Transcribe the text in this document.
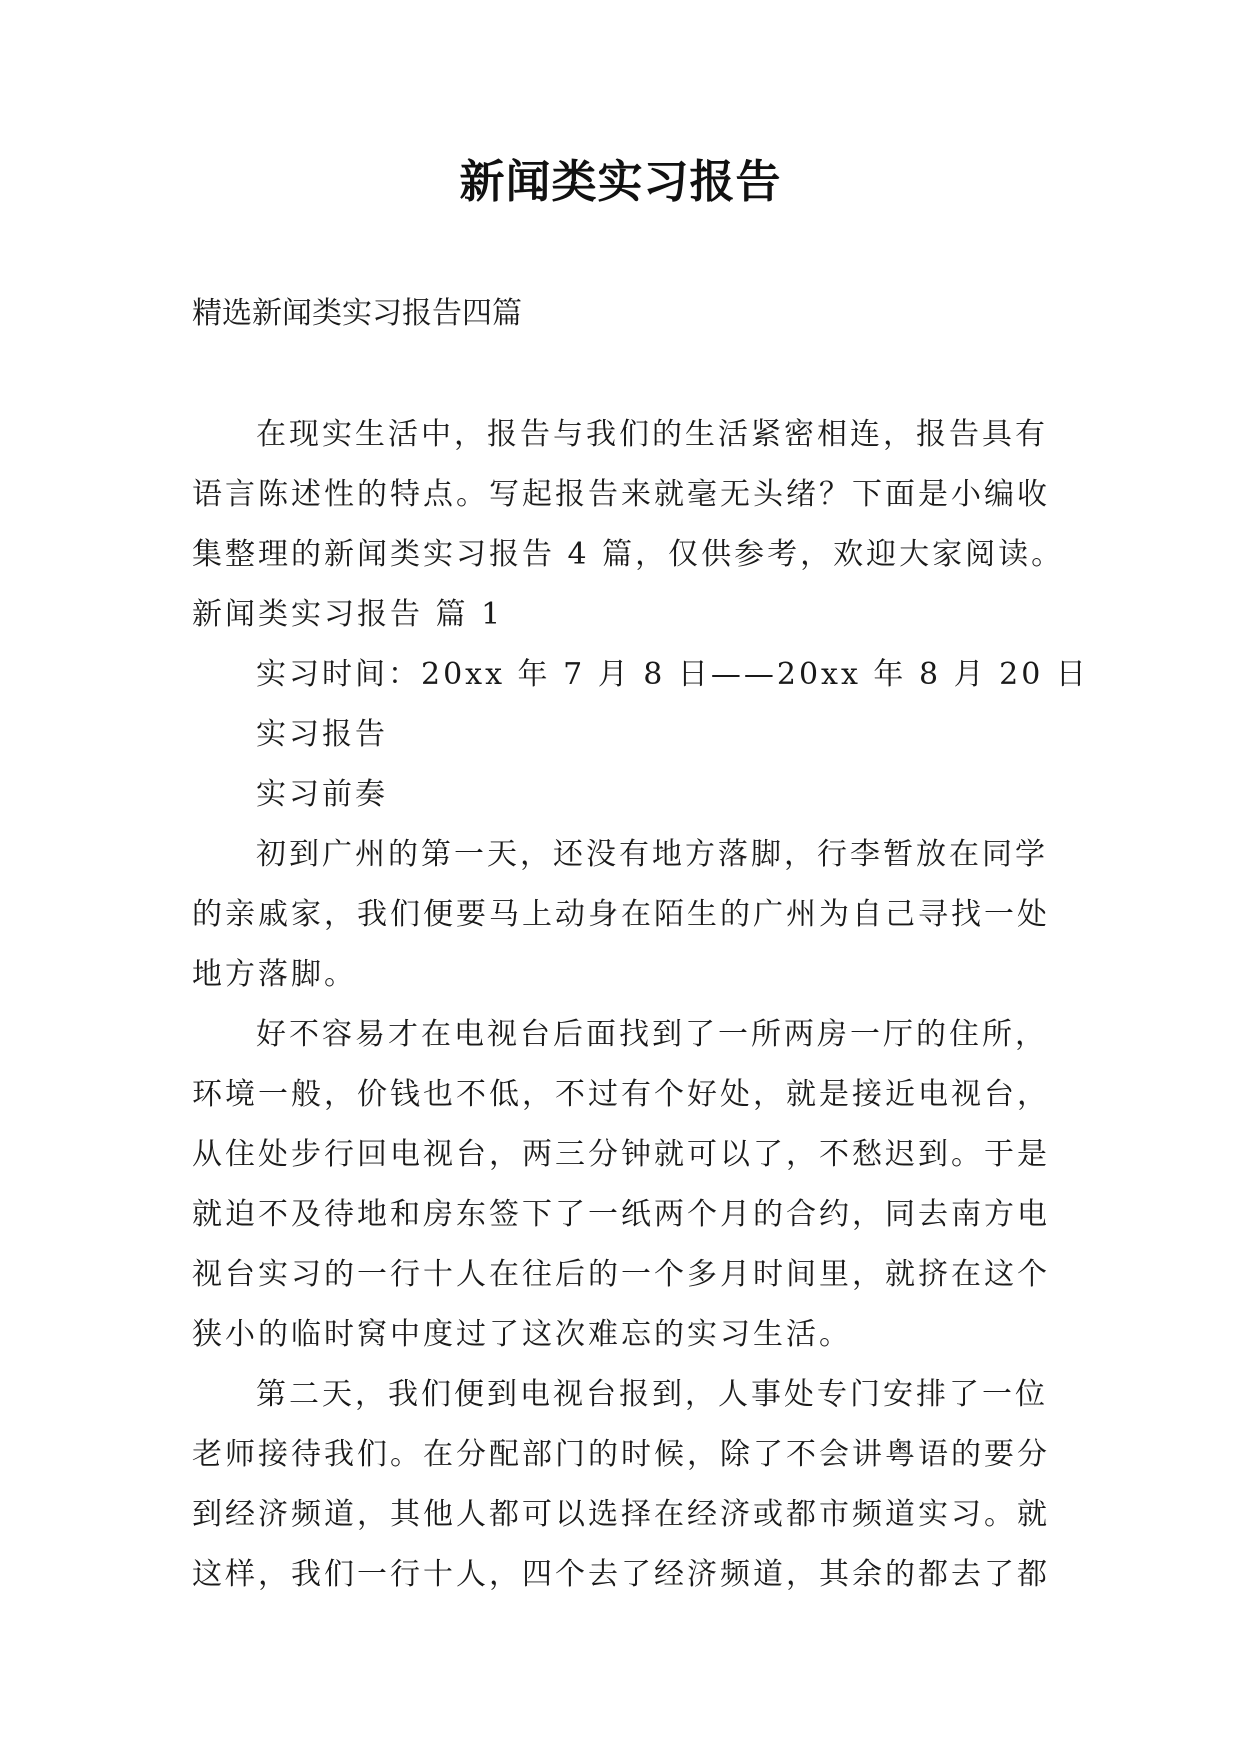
新闻类实习报告
精选新闻类实习报告四篇
在现实生活中，报告与我们的生活紧密相连，报告具有
语言陈述性的特点。写起报告来就毫无头绪？下面是小编收
集整理的新闻类实习报告 4 篇，仅供参考，欢迎大家阅读。
新闻类实习报告 篇 1
实习时间：20xx 年 7 月 8 日——20xx 年 8 月 20 日
实习报告
实习前奏
初到广州的第一天，还没有地方落脚，行李暂放在同学
的亲戚家，我们便要马上动身在陌生的广州为自己寻找一处
地方落脚。
好不容易才在电视台后面找到了一所两房一厅的住所，
环境一般，价钱也不低，不过有个好处，就是接近电视台，
从住处步行回电视台，两三分钟就可以了，不愁迟到。于是
就迫不及待地和房东签下了一纸两个月的合约，同去南方电
视台实习的一行十人在往后的一个多月时间里，就挤在这个
狭小的临时窝中度过了这次难忘的实习生活。
第二天，我们便到电视台报到，人事处专门安排了一位
老师接待我们。在分配部门的时候，除了不会讲粤语的要分
到经济频道，其他人都可以选择在经济或都市频道实习。就
这样，我们一行十人，四个去了经济频道，其余的都去了都
